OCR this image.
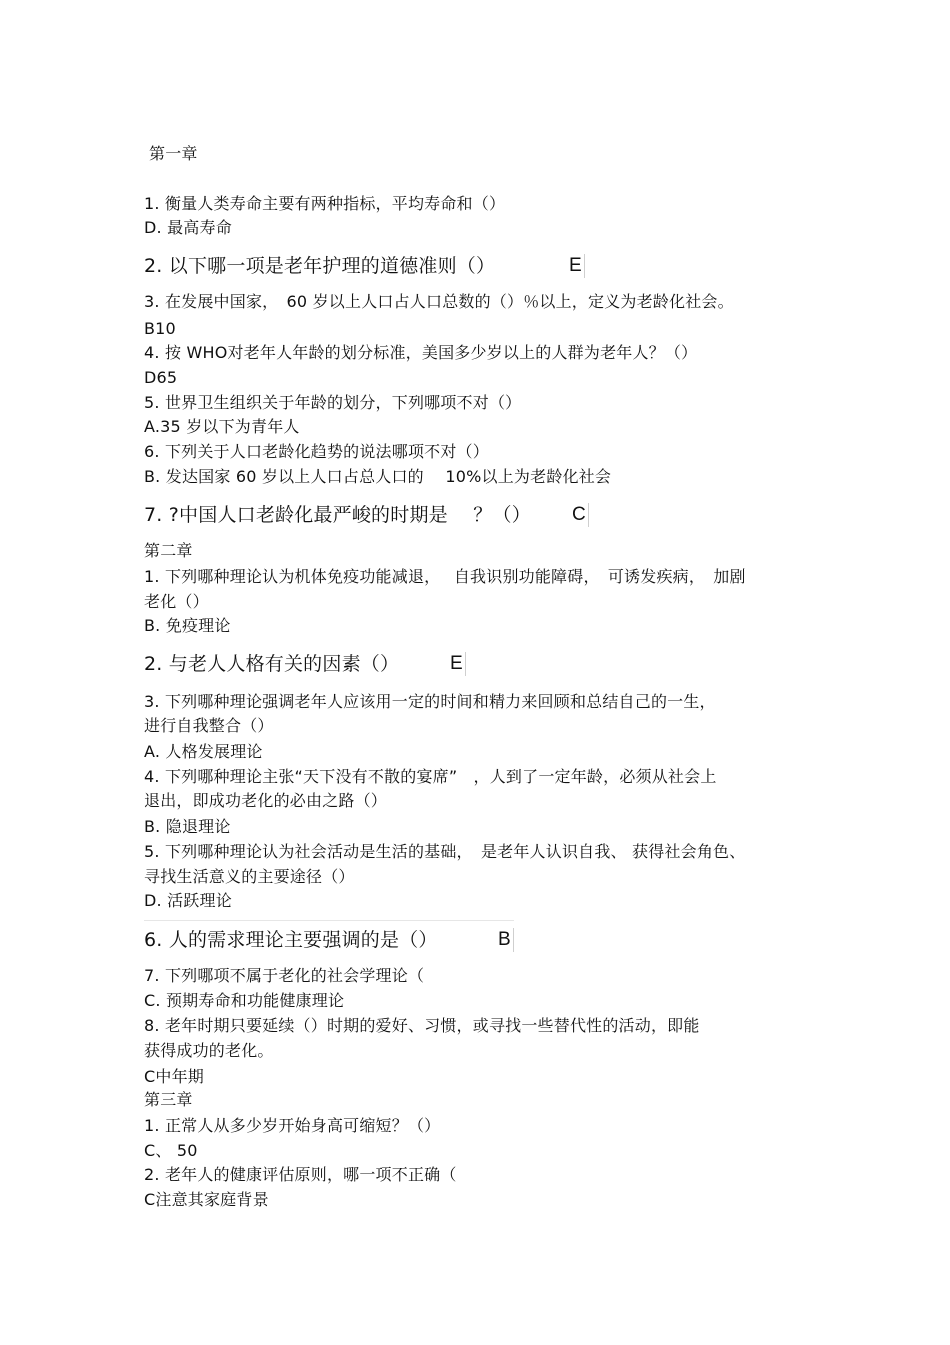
第一章
1. 衡量人类寿命主要有两种指标，平均寿命和（）
D. 最高寿命
2. 以下哪一项是老年护理的道德准则（）	E
3. 在发展中国家，　60 岁以上人口占人口总数的（）％以上，定义为老龄化社会。
B10
4. 按 WHO对老年人年龄的划分标准，美国多少岁以上的人群为老年人？（）
D65
5. 世界卫生组织关于年龄的划分，下列哪项不对（）
A.35 岁以下为青年人
6. 下列关于人口老龄化趋势的说法哪项不对（）
B. 发达国家 60 岁以上人口占总人口的　 10%以上为老龄化社会
7. ?中国人口老龄化最严峻的时期是　 ？（） C
第二章
1. 下列哪种理论认为机体免疫功能减退，　 自我识别功能障碍，　可诱发疾病，　加剧
老化（）
B. 免疫理论
2. 与老人人格有关的因素（）	E
3. 下列哪种理论强调老年人应该用一定的时间和精力来回顾和总结自己的一生，
进行自我整合（）
A. 人格发展理论
4. 下列哪种理论主张“天下没有不散的宴席”　，人到了一定年龄，必须从社会上
退出，即成功老化的必由之路（）
B. 隐退理论
5. 下列哪种理论认为社会活动是生活的基础，　是老年人认识自我、 获得社会角色、
寻找生活意义的主要途径（）
D. 活跃理论
6. 人的需求理论主要强调的是（）	B
7. 下列哪项不属于老化的社会学理论（
C. 预期寿命和功能健康理论
8. 老年时期只要延续（）时期的爱好、习惯，或寻找一些替代性的活动，即能
获得成功的老化。
C中年期
第三章
1. 正常人从多少岁开始身高可缩短？（）
C、 50
2. 老年人的健康评估原则，哪一项不正确（
C注意其家庭背景
